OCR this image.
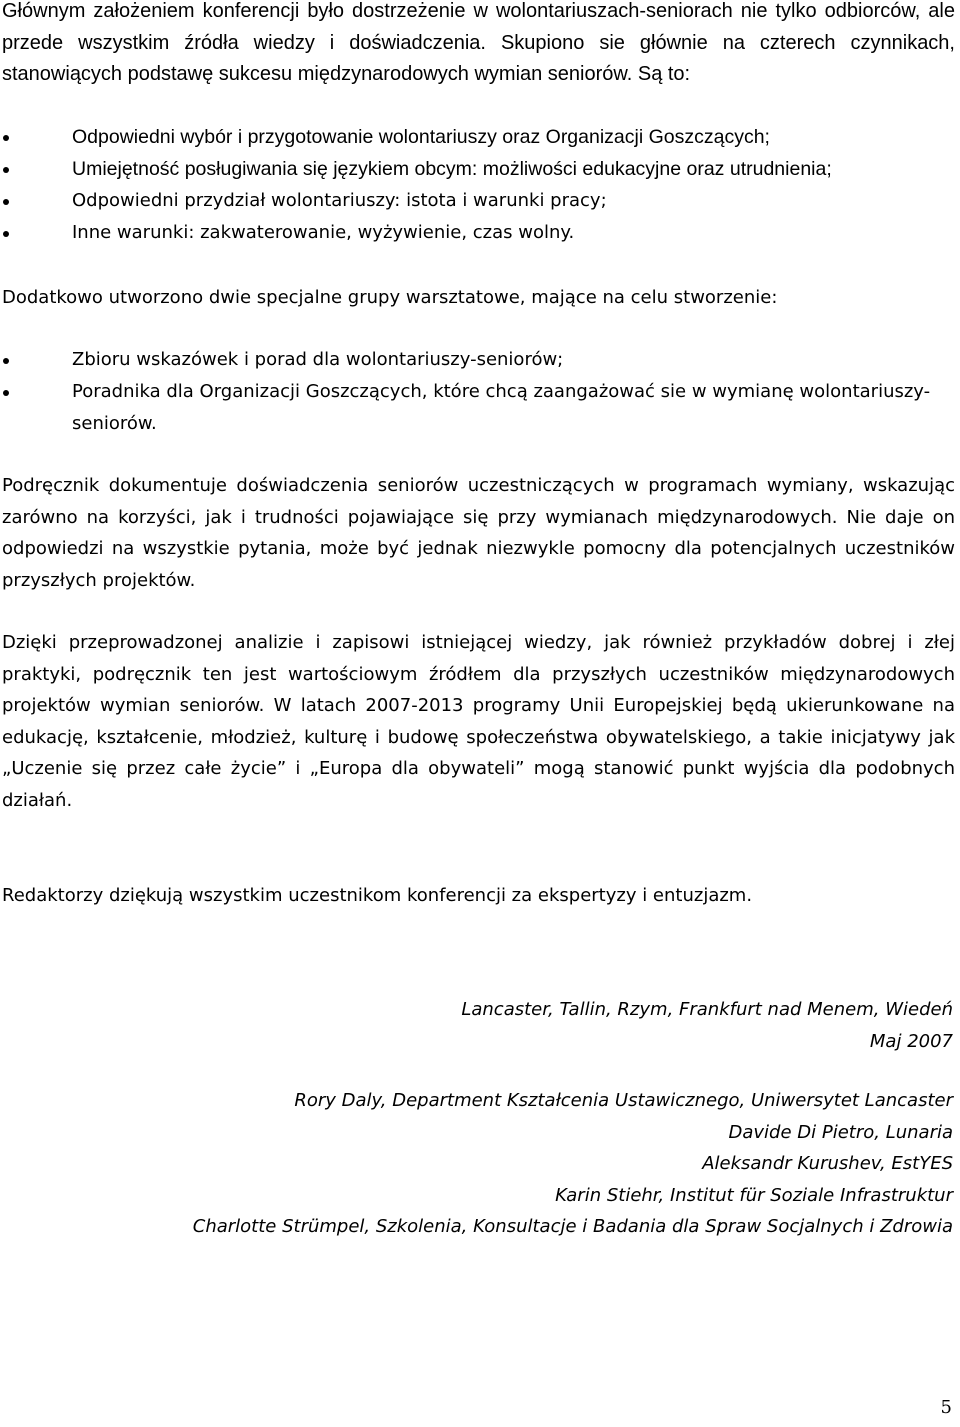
Głównym założeniem konferencji było dostrzeżenie w wolontariuszach-seniorach nie tylko odbiorców, ale przede wszystkim źródła wiedzy i doświadczenia. Skupiono sie głównie na czterech czynnikach, stanowiących podstawę sukcesu międzynarodowych wymian seniorów. Są to:

Odpowiedni wybór i przygotowanie wolontariuszy oraz Organizacji Goszczących;
Umiejętność posługiwania się językiem obcym: możliwości edukacyjne oraz utrudnienia;
Odpowiedni przydział wolontariuszy: istota i warunki pracy;
Inne warunki: zakwaterowanie, wyżywienie, czas wolny.

Dodatkowo utworzono dwie specjalne grupy warsztatowe, mające na celu stworzenie:

Zbioru wskazówek i porad dla wolontariuszy-seniorów;
Poradnika dla Organizacji Goszczących, które chcą zaangażować sie w wymianę wolontariuszy- seniorów.

Podręcznik dokumentuje doświadczenia seniorów uczestniczących w programach wymiany, wskazując zarówno na korzyści, jak i trudności pojawiające się przy wymianach międzynarodowych. Nie daje on odpowiedzi na wszystkie pytania, może być jednak niezwykle pomocny dla potencjalnych uczestników przyszłych projektów.

Dzięki przeprowadzonej analizie i zapisowi istniejącej wiedzy, jak również przykładów dobrej i złej praktyki, podręcznik ten jest wartościowym źródłem dla przyszłych uczestników międzynarodowych projektów wymian seniorów. W latach 2007-2013 programy Unii Europejskiej będą ukierunkowane na edukację, kształcenie, młodzież, kulturę i budowę społeczeństwa obywatelskiego, a takie inicjatywy jak „Uczenie się przez całe życie” i „Europa dla obywateli” mogą stanowić punkt wyjścia dla podobnych działań.

Redaktorzy dziękują wszystkim uczestnikom konferencji za ekspertyzy i entuzjazm.

Lancaster, Tallin, Rzym, Frankfurt nad Menem, Wiedeń

Maj 2007

Rory Daly, Department Kształcenia Ustawicznego, Uniwersytet Lancaster
Davide Di Pietro, Lunaria
Aleksandr Kurushev, EstYES
Karin Stiehr, Institut für Soziale Infrastruktur
Charlotte Strümpel, Szkolenia, Konsultacje i Badania dla Spraw Socjalnych i Zdrowia
5
